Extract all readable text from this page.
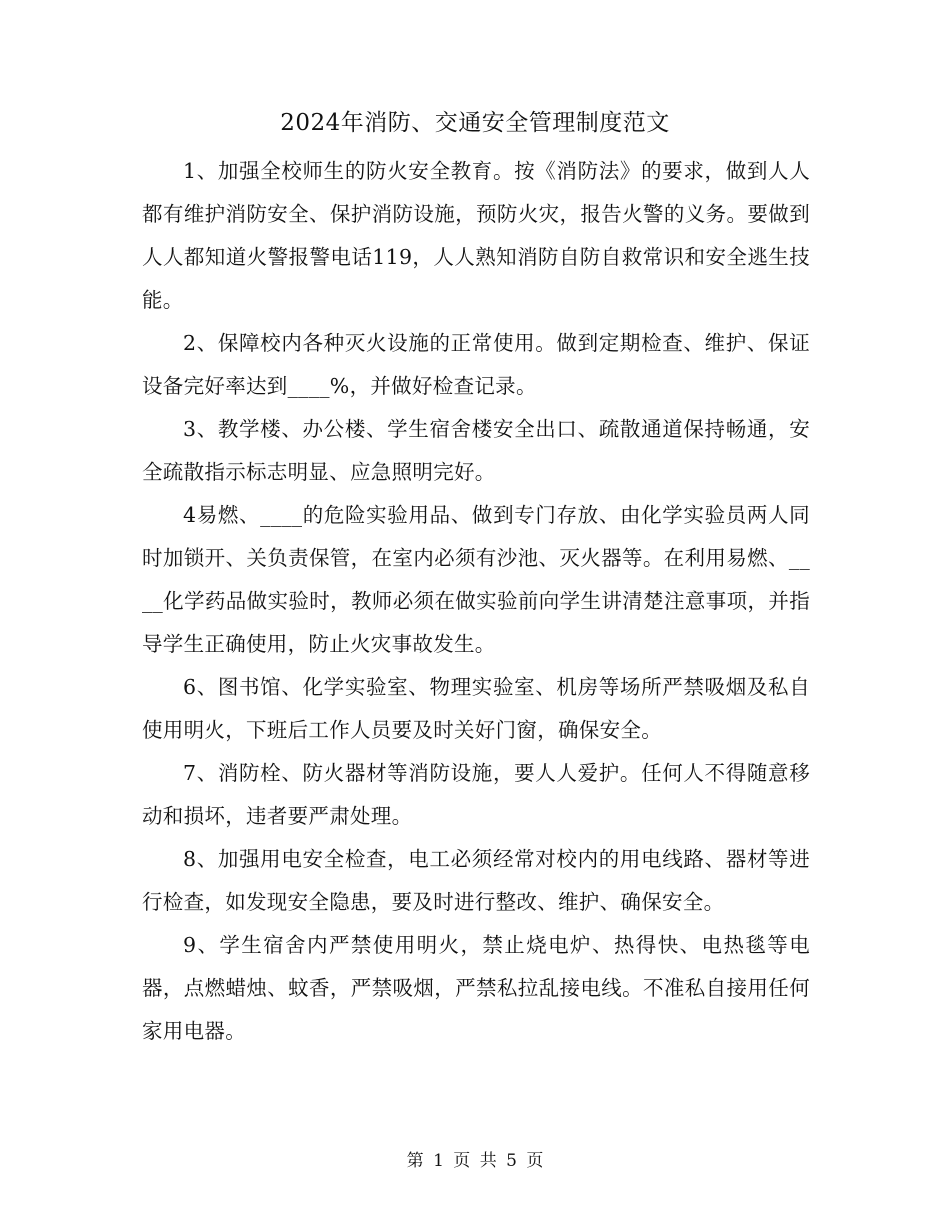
2024年消防、交通安全管理制度范文

1、加强全校师生的防火安全教育。按《消防法》的要求，做到人人都有维护消防安全、保护消防设施，预防火灾，报告火警的义务。要做到人人都知道火警报警电话119，人人熟知消防自防自救常识和安全逃生技能。

2、保障校内各种灭火设施的正常使用。做到定期检查、维护、保证设备完好率达到____%，并做好检查记录。

3、教学楼、办公楼、学生宿舍楼安全出口、疏散通道保持畅通，安全疏散指示标志明显、应急照明完好。

4易燃、____的危险实验用品、做到专门存放、由化学实验员两人同时加锁开、关负责保管，在室内必须有沙池、灭火器等。在利用易燃、____化学药品做实验时，教师必须在做实验前向学生讲清楚注意事项，并指导学生正确使用，防止火灾事故发生。

6、图书馆、化学实验室、物理实验室、机房等场所严禁吸烟及私自使用明火，下班后工作人员要及时关好门窗，确保安全。

7、消防栓、防火器材等消防设施，要人人爱护。任何人不得随意移动和损坏，违者要严肃处理。

8、加强用电安全检查，电工必须经常对校内的用电线路、器材等进行检查，如发现安全隐患，要及时进行整改、维护、确保安全。

9、学生宿舍内严禁使用明火，禁止烧电炉、热得快、电热毯等电器，点燃蜡烛、蚊香，严禁吸烟，严禁私拉乱接电线。不准私自接用任何家用电器。

第 1 页 共 5 页
